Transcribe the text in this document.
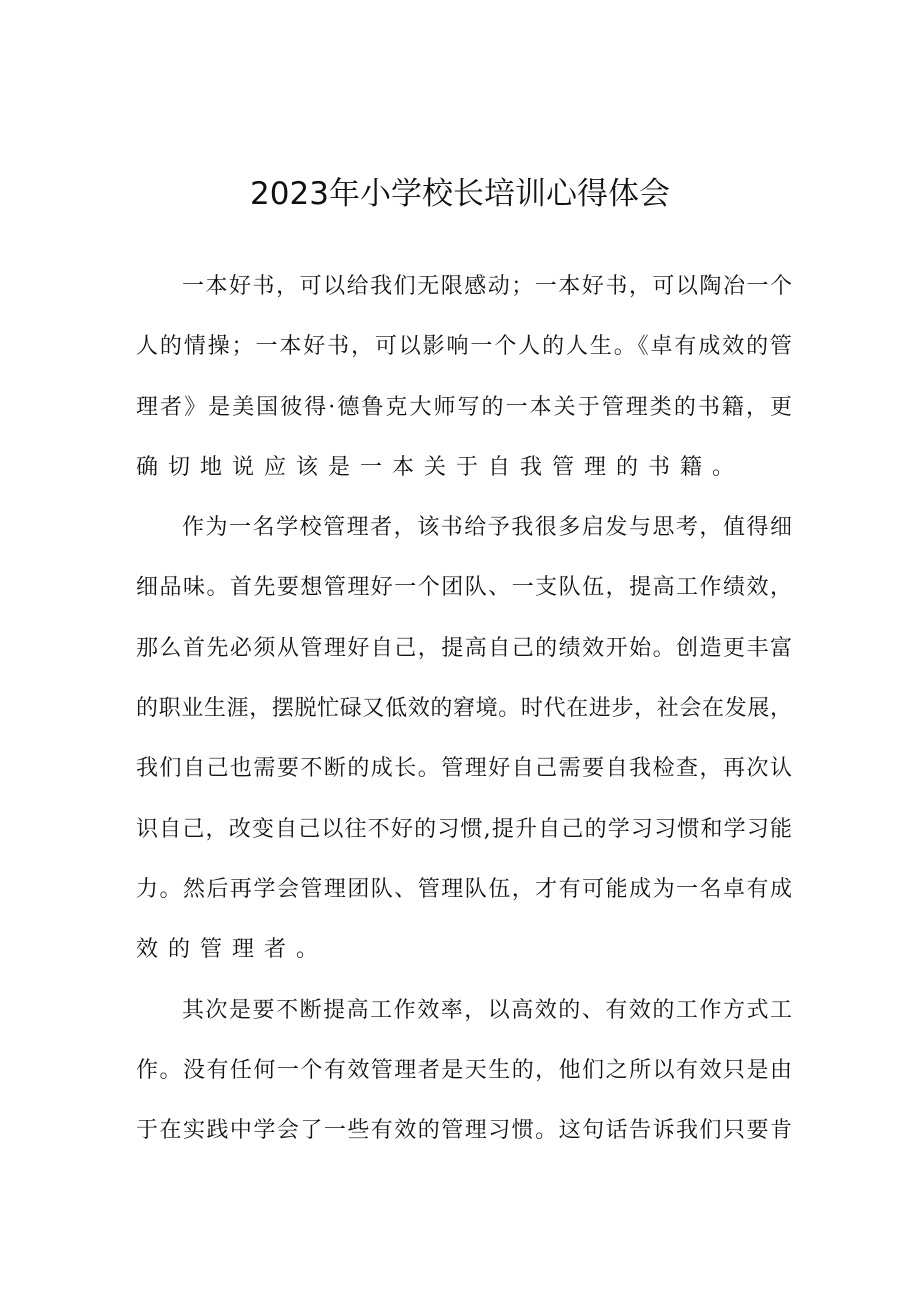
2023年小学校长培训心得体会
一本好书，可以给我们无限感动；一本好书，可以陶冶一个
人的情操；一本好书，可以影响一个人的人生。《卓有成效的管
理者》是美国彼得·德鲁克大师写的一本关于管理类的书籍，更
确切地说应该是一本关于自我管理的书籍。
作为一名学校管理者，该书给予我很多启发与思考，值得细
细品味。首先要想管理好一个团队、一支队伍，提高工作绩效，
那么首先必须从管理好自己，提高自己的绩效开始。创造更丰富
的职业生涯，摆脱忙碌又低效的窘境。时代在进步，社会在发展，
我们自己也需要不断的成长。管理好自己需要自我检查，再次认
识自己，改变自己以往不好的习惯,提升自己的学习习惯和学习能
力。然后再学会管理团队、管理队伍，才有可能成为一名卓有成
效的管理者。
其次是要不断提高工作效率，以高效的、有效的工作方式工
作。没有任何一个有效管理者是天生的，他们之所以有效只是由
于在实践中学会了一些有效的管理习惯。这句话告诉我们只要肯
